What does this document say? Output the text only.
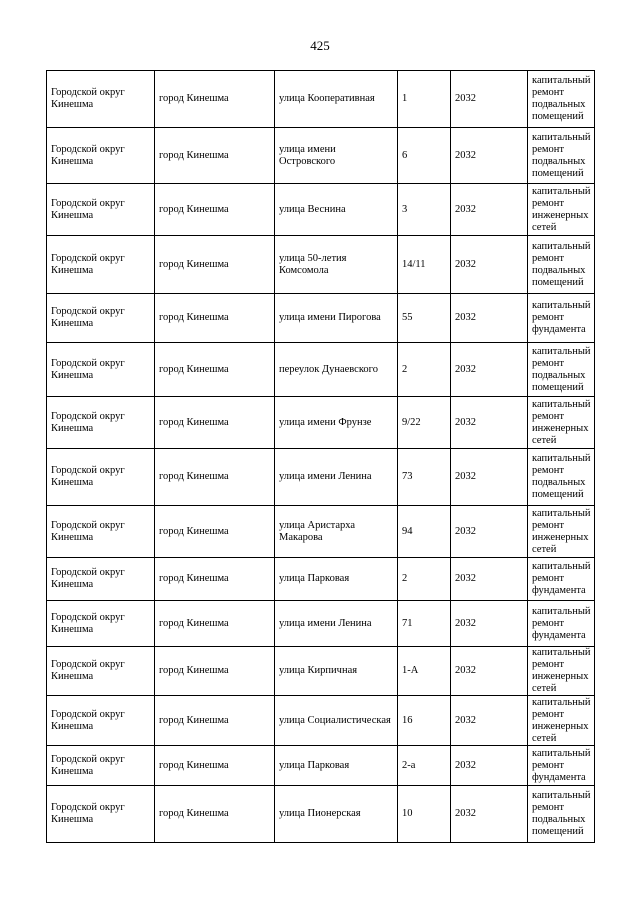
425
Городской округ Кинешма	город Кинешма	улица Кооперативная	1	2032	капитальный ремонт подвальных помещений
Городской округ Кинешма	город Кинешма	улица имени Островского	6	2032	капитальный ремонт подвальных помещений
Городской округ Кинешма	город Кинешма	улица Веснина	3	2032	капитальный ремонт инженерных сетей
Городской округ Кинешма	город Кинешма	улица 50-летия Комсомола	14/11	2032	капитальный ремонт подвальных помещений
Городской округ Кинешма	город Кинешма	улица имени Пирогова	55	2032	капитальный ремонт фундамента
Городской округ Кинешма	город Кинешма	переулок Дунаевского	2	2032	капитальный ремонт подвальных помещений
Городской округ Кинешма	город Кинешма	улица имени Фрунзе	9/22	2032	капитальный ремонт инженерных сетей
Городской округ Кинешма	город Кинешма	улица имени Ленина	73	2032	капитальный ремонт подвальных помещений
Городской округ Кинешма	город Кинешма	улица Аристарха Макарова	94	2032	капитальный ремонт инженерных сетей
Городской округ Кинешма	город Кинешма	улица Парковая	2	2032	капитальный ремонт фундамента
Городской округ Кинешма	город Кинешма	улица имени Ленина	71	2032	капитальный ремонт фундамента
Городской округ Кинешма	город Кинешма	улица Кирпичная	1-А	2032	капитальный ремонт инженерных сетей
Городской округ Кинешма	город Кинешма	улица Социалистическая	16	2032	капитальный ремонт инженерных сетей
Городской округ Кинешма	город Кинешма	улица Парковая	2-а	2032	капитальный ремонт фундамента
Городской округ Кинешма	город Кинешма	улица Пионерская	10	2032	капитальный ремонт подвальных помещений
